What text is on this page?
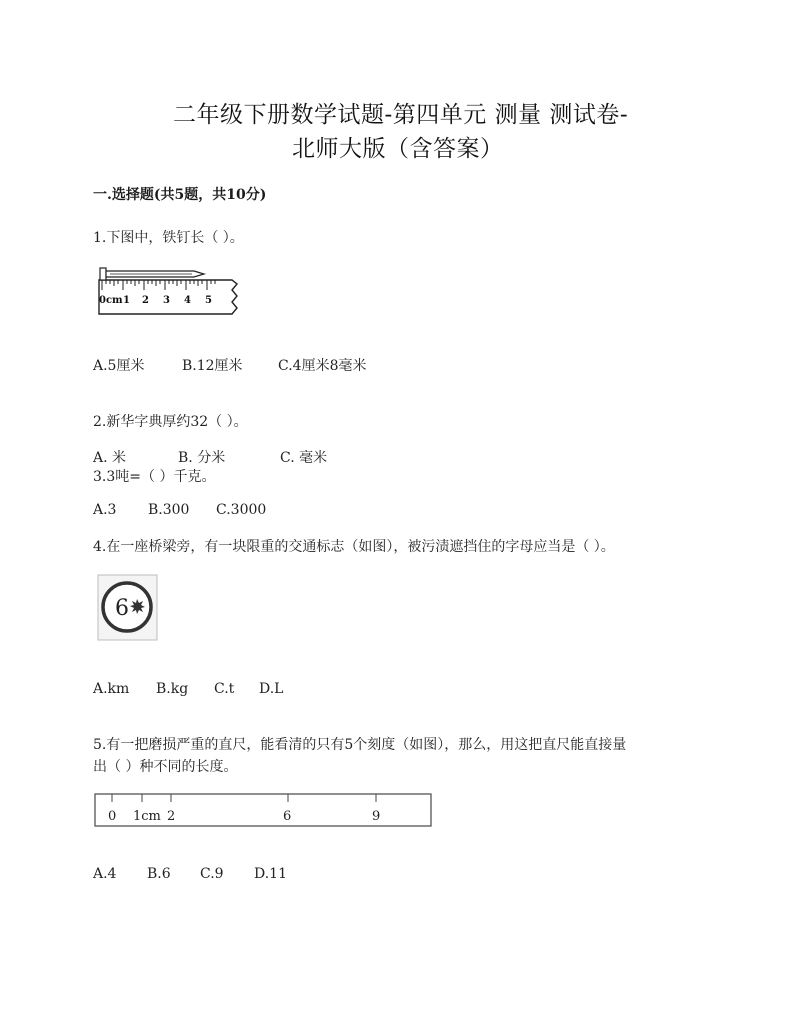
二年级下册数学试题-第四单元 测量 测试卷-
北师大版（含答案）
一.选择题(共5题，共10分)
1.下图中，铁钉长（ ）。
0cm 1 2 3 4 5
A.5厘米	B.12厘米	C.4厘米8毫米
2.新华字典厚约32（ ）。
A. 米	B. 分米	C. 毫米
3.3吨=（ ）千克。
A.3 B.300 C.3000
4.在一座桥梁旁，有一块限重的交通标志（如图），被污渍遮挡住的字母应当是（ ）。
6
A.km B.kg C.t D.L
5.有一把磨损严重的直尺，能看清的只有5个刻度（如图），那么，用这把直尺能直接量
出（ ）种不同的长度。
0 1cm 2	6	9
A.4 B.6 C.9 D.11
